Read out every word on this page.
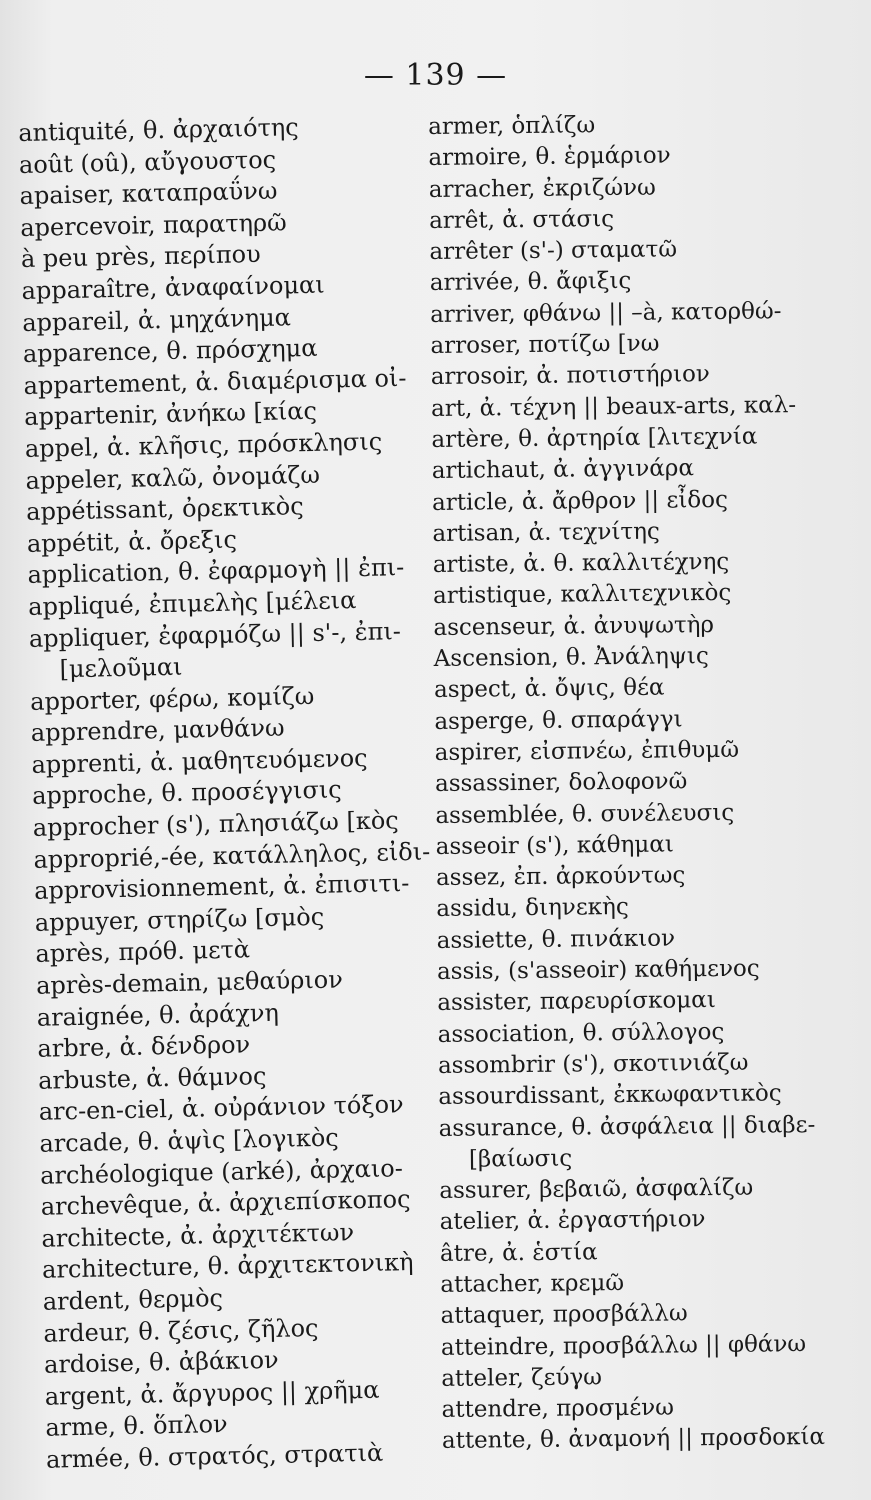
— 139 —
antiquité, θ. ἀρχαιότης
août (oû), αὔγουστος
apaiser, καταπραΰνω
apercevoir, παρατηρῶ
à peu près, περίπου
apparaître, ἀναφαίνομαι
appareil, ἀ. μηχάνημα
apparence, θ. πρόσχημα
appartement, ἀ. διαμέρισμα οἰ-
appartenir, ἀνήκω [κίας
appel, ἀ. κλῆσις, πρόσκλησις
appeler, καλῶ, ὀνομάζω
appétissant, ὀρεκτικὸς
appétit, ἀ. ὄρεξις
application, θ. ἐφαρμογὴ || ἐπι-
appliqué, ἐπιμελὴς [μέλεια
appliquer, ἐφαρμόζω || s'-, ἐπι-
[μελοῦμαι
apporter, φέρω, κομίζω
apprendre, μανθάνω
apprenti, ἀ. μαθητευόμενος
approche, θ. προσέγγισις
approcher (s'), πλησιάζω [κὸς
approprié,-ée, κατάλληλος, εἰδι-
approvisionnement, ἀ. ἐπισιτι-
appuyer, στηρίζω [σμὸς
après, πρόθ. μετὰ
après-demain, μεθαύριον
araignée, θ. ἀράχνη
arbre, ἀ. δένδρον
arbuste, ἀ. θάμνος
arc-en-ciel, ἀ. οὐράνιον τόξον
arcade, θ. ἁψὶς [λογικὸς
archéologique (arké), ἀρχαιο-
archevêque, ἀ. ἀρχιεπίσκοπος
architecte, ἀ. ἀρχιτέκτων
architecture, θ. ἀρχιτεκτονικὴ
ardent, θερμὸς
ardeur, θ. ζέσις, ζῆλος
ardoise, θ. ἀβάκιον
argent, ἀ. ἄργυρος || χρῆμα
arme, θ. ὅπλον
armée, θ. στρατός, στρατιὰ
armer, ὁπλίζω
armoire, θ. ἑρμάριον
arracher, ἐκριζώνω
arrêt, ἀ. στάσις
arrêter (s'-) σταματῶ
arrivée, θ. ἄφιξις
arriver, φθάνω || –à, κατορθώ-
arroser, ποτίζω [νω
arrosoir, ἀ. ποτιστήριον
art, ἀ. τέχνη || beaux-arts, καλ-
artère, θ. ἀρτηρία [λιτεχνία
artichaut, ἀ. ἀγγινάρα
article, ἀ. ἄρθρον || εἶδος
artisan, ἀ. τεχνίτης
artiste, ἀ. θ. καλλιτέχνης
artistique, καλλιτεχνικὸς
ascenseur, ἀ. ἀνυψωτὴρ
Ascension, θ. Ἀνάληψις
aspect, ἀ. ὄψις, θέα
asperge, θ. σπαράγγι
aspirer, εἰσπνέω, ἐπιθυμῶ
assassiner, δολοφονῶ
assemblée, θ. συνέλευσις
asseoir (s'), κάθημαι
assez, ἐπ. ἀρκούντως
assidu, διηνεκὴς
assiette, θ. πινάκιον
assis, (s'asseoir) καθήμενος
assister, παρευρίσκομαι
association, θ. σύλλογος
assombrir (s'), σκοτινιάζω
assourdissant, ἐκκωφαντικὸς
assurance, θ. ἀσφάλεια || διαβε-
[βαίωσις
assurer, βεβαιῶ, ἀσφαλίζω
atelier, ἀ. ἐργαστήριον
âtre, ἀ. ἑστία
attacher, κρεμῶ
attaquer, προσβάλλω
atteindre, προσβάλλω || φθάνω
atteler, ζεύγω
attendre, προσμένω
attente, θ. ἀναμονή || προσδοκία
